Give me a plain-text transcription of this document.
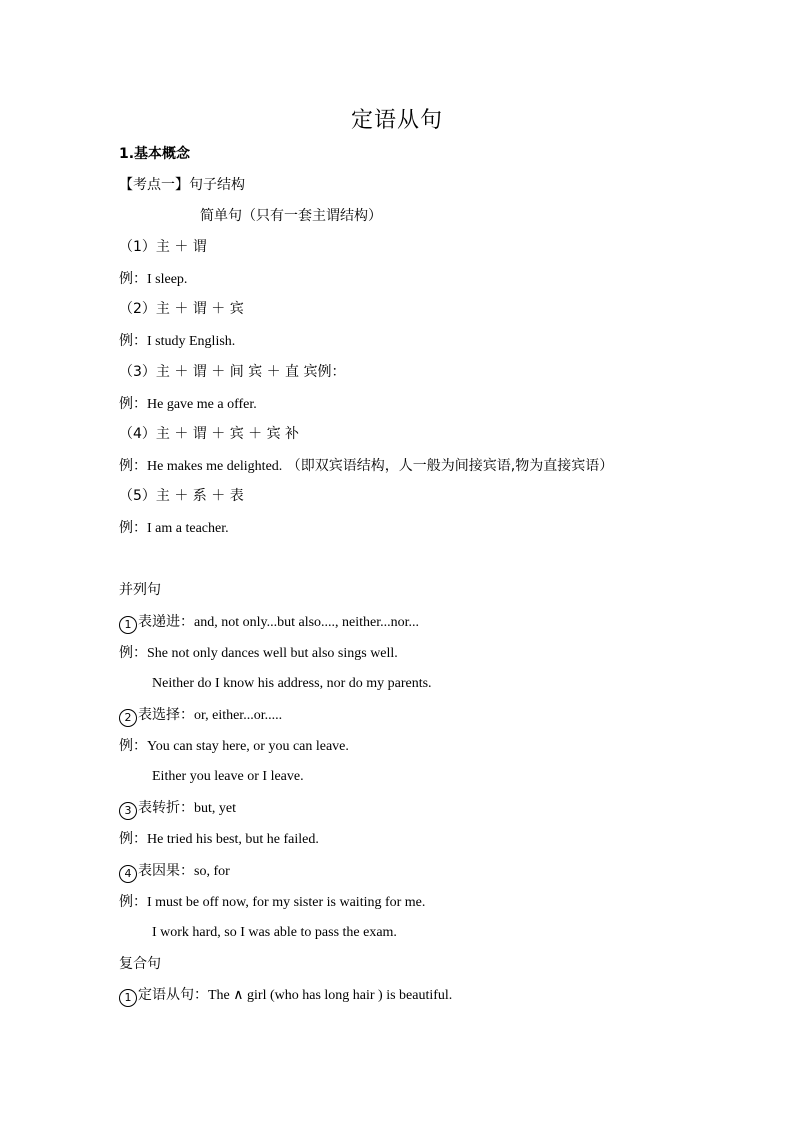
定语从句
1.基本概念
【考点一】句子结构
简单句（只有一套主谓结构）
（1）主 ＋ 谓
例：I sleep.
（2）主 ＋ 谓 ＋ 宾
例：I study English.
（3）主 ＋ 谓 ＋ 间 宾 ＋ 直 宾例：
例：He gave me a offer.
（4）主 ＋ 谓 ＋ 宾 ＋ 宾 补
例：He makes me delighted. （即双宾语结构，人一般为间接宾语,物为直接宾语）
（5）主 ＋ 系 ＋ 表
例：I am a teacher.
并列句
1 表递进：and, not only...but also...., neither...nor...
例：She not only dances well but also sings well.
Neither do I know his address, nor do my parents.
2 表选择：or, either...or.....
例：You can stay here, or you can leave.
Either you leave or I leave.
3 表转折：but, yet
例：He tried his best, but he failed.
4 表因果：so, for
例：I must be off now, for my sister is waiting for me.
I work hard, so I was able to pass the exam.
复合句
1 定语从句：The ∧ girl (who has long hair ) is beautiful.
